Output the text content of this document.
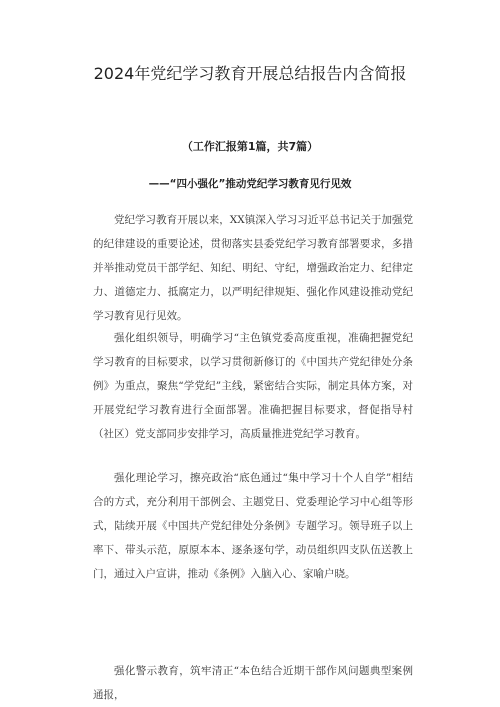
2024年党纪学习教育开展总结报告内含简报

（工作汇报第1篇，共7篇）

——“四小强化”推动党纪学习教育见行见效

党纪学习教育开展以来，XX镇深入学习习近平总书记关于加强党的纪律建设的重要论述，贯彻落实县委党纪学习教育部署要求，多措并举推动党员干部学纪、知纪、明纪、守纪，增强政治定力、纪律定力、道德定力、抵腐定力，以严明纪律规矩、强化作风建设推动党纪学习教育见行见效。

强化组织领导，明确学习“主色镇党委高度重视，准确把握党纪学习教育的目标要求，以学习贯彻新修订的《中国共产党纪律处分条例》为重点，聚焦“学党纪”主线，紧密结合实际，制定具体方案，对开展党纪学习教育进行全面部署。准确把握目标要求，督促指导村（社区）党支部同步安排学习，高质量推进党纪学习教育。

强化理论学习，擦亮政治“底色通过“集中学习十个人自学”相结合的方式，充分利用干部例会、主题党日、党委理论学习中心组等形式，陆续开展《中国共产党纪律处分条例》专题学习。领导班子以上率下、带头示范，原原本本、逐条逐句学，动员组织四支队伍送教上门，通过入户宣讲，推动《条例》入脑入心、家喻户晓。

强化警示教育，筑牢清正“本色结合近期干部作风问题典型案例通报，
